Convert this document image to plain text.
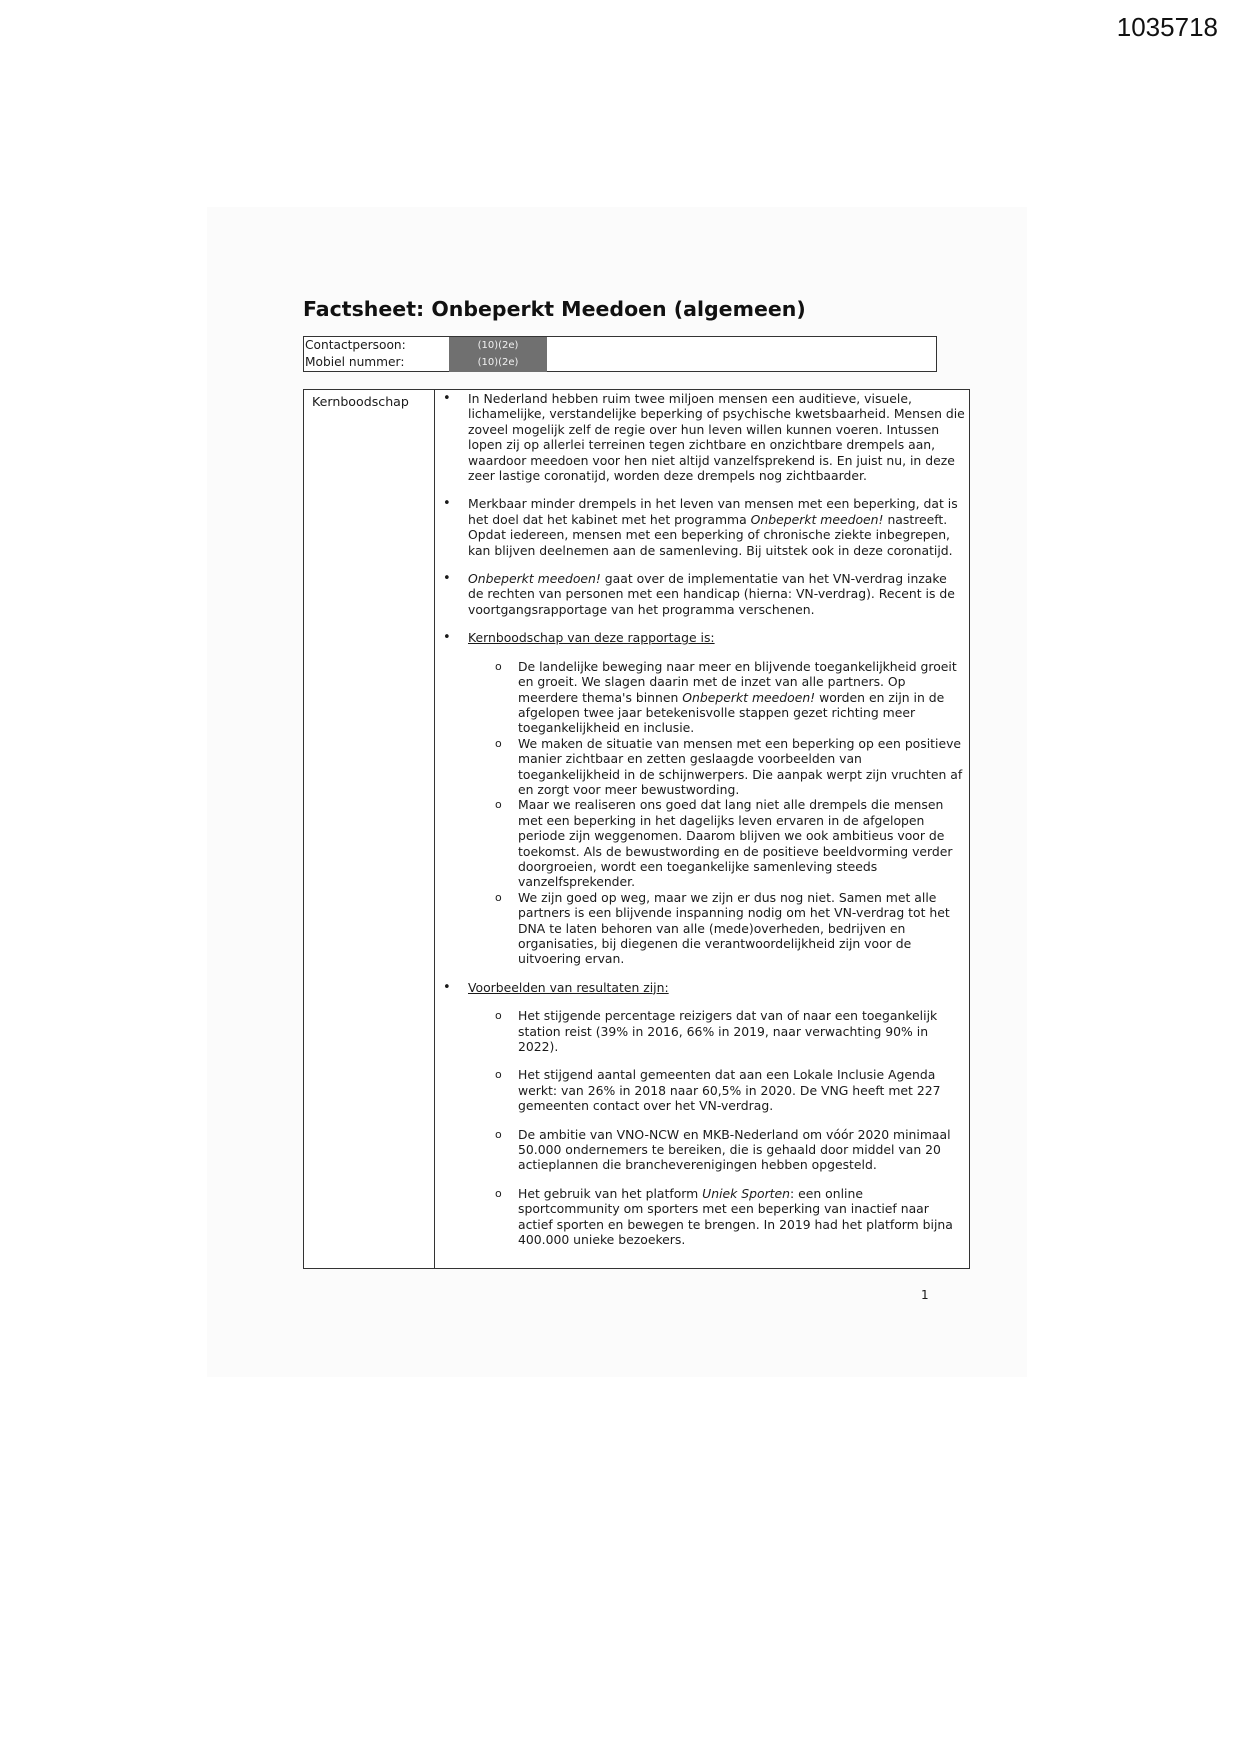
1035718
Factsheet: Onbeperkt Meedoen (algemeen)
Contactpersoon:	(10)(2e)
Mobiel nummer:	(10)(2e)
Kernboodschap
•	In Nederland hebben ruim twee miljoen mensen een auditieve, visuele, lichamelijke, verstandelijke beperking of psychische kwetsbaarheid. Mensen die zoveel mogelijk zelf de regie over hun leven willen kunnen voeren. Intussen lopen zij op allerlei terreinen tegen zichtbare en onzichtbare drempels aan, waardoor meedoen voor hen niet altijd vanzelfsprekend is. En juist nu, in deze zeer lastige coronatijd, worden deze drempels nog zichtbaarder.
• Merkbaar minder drempels in het leven van mensen met een beperking, dat is het doel dat het kabinet met het programma Onbeperkt meedoen! nastreeft. Opdat iedereen, mensen met een beperking of chronische ziekte inbegrepen, kan blijven deelnemen aan de samenleving. Bij uitstek ook in deze coronatijd.
• Onbeperkt meedoen! gaat over de implementatie van het VN-verdrag inzake de rechten van personen met een handicap (hierna: VN-verdrag). Recent is de voortgangsrapportage van het programma verschenen.
• Kernboodschap van deze rapportage is:
o De landelijke beweging naar meer en blijvende toegankelijkheid groeit en groeit. We slagen daarin met de inzet van alle partners. Op meerdere thema's binnen Onbeperkt meedoen! worden en zijn in de afgelopen twee jaar betekenisvolle stappen gezet richting meer toegankelijkheid en inclusie.
o We maken de situatie van mensen met een beperking op een positieve manier zichtbaar en zetten geslaagde voorbeelden van toegankelijkheid in de schijnwerpers. Die aanpak werpt zijn vruchten af en zorgt voor meer bewustwording.
o Maar we realiseren ons goed dat lang niet alle drempels die mensen met een beperking in het dagelijks leven ervaren in de afgelopen periode zijn weggenomen. Daarom blijven we ook ambitieus voor de toekomst. Als de bewustwording en de positieve beeldvorming verder doorgroeien, wordt een toegankelijke samenleving steeds vanzelfsprekender.
o We zijn goed op weg, maar we zijn er dus nog niet. Samen met alle partners is een blijvende inspanning nodig om het VN-verdrag tot het DNA te laten behoren van alle (mede)overheden, bedrijven en organisaties, bij diegenen die verantwoordelijkheid zijn voor de uitvoering ervan.
• Voorbeelden van resultaten zijn:
o Het stijgende percentage reizigers dat van of naar een toegankelijk station reist (39% in 2016, 66% in 2019, naar verwachting 90% in 2022).
o Het stijgend aantal gemeenten dat aan een Lokale Inclusie Agenda werkt: van 26% in 2018 naar 60,5% in 2020. De VNG heeft met 227 gemeenten contact over het VN-verdrag.
o De ambitie van VNO-NCW en MKB-Nederland om vóór 2020 minimaal 50.000 ondernemers te bereiken, die is gehaald door middel van 20 actieplannen die brancheverenigingen hebben opgesteld.
o Het gebruik van het platform Uniek Sporten: een online sportcommunity om sporters met een beperking van inactief naar actief sporten en bewegen te brengen. In 2019 had het platform bijna 400.000 unieke bezoekers.
1
